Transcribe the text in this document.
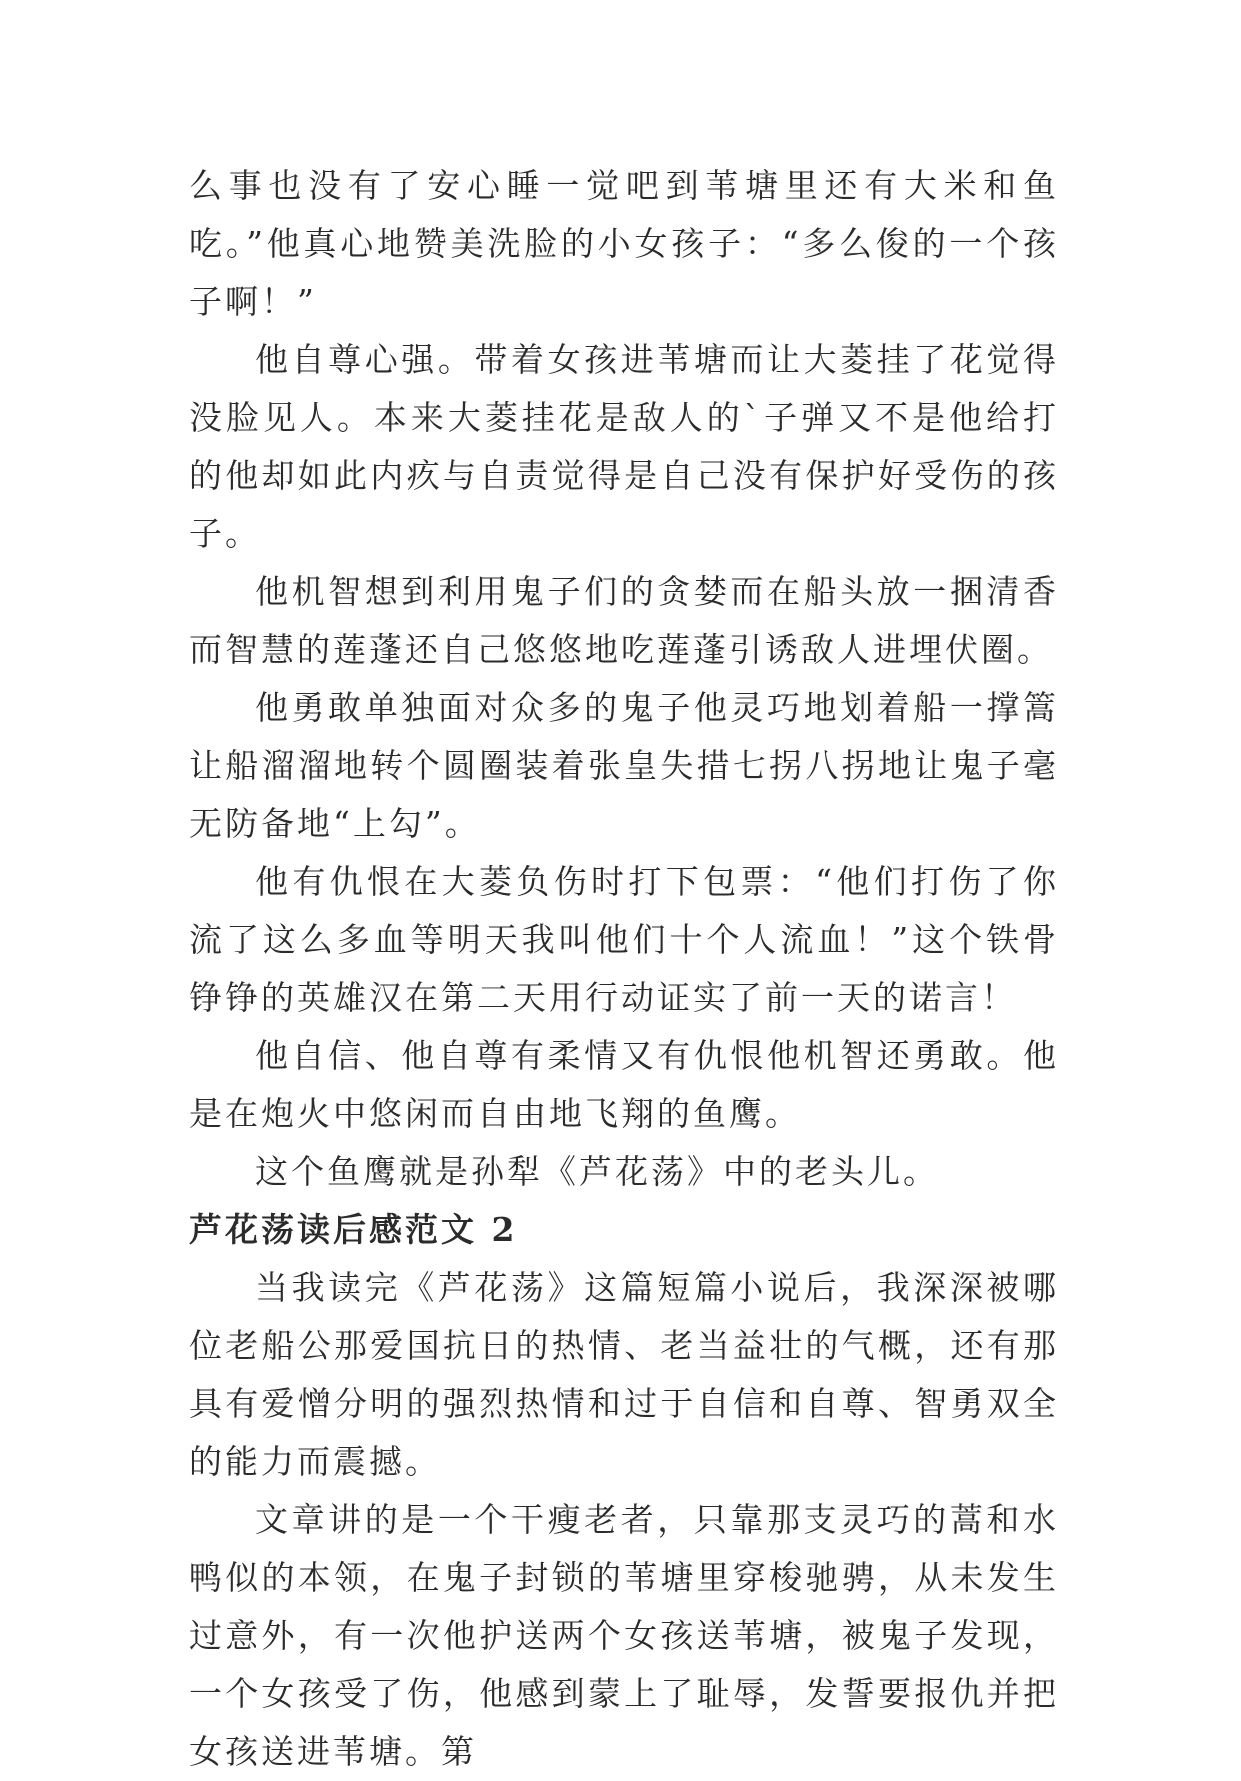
么事也没有了安心睡一觉吧到苇塘里还有大米和鱼吃。”他真心地赞美洗脸的小女孩子：“多么俊的一个孩子啊！”

他自尊心强。带着女孩进苇塘而让大菱挂了花觉得没脸见人。本来大菱挂花是敌人的`子弹又不是他给打的他却如此内疚与自责觉得是自己没有保护好受伤的孩子。

他机智想到利用鬼子们的贪婪而在船头放一捆清香而智慧的莲蓬还自己悠悠地吃莲蓬引诱敌人进埋伏圈。

他勇敢单独面对众多的鬼子他灵巧地划着船一撑篙让船溜溜地转个圆圈装着张皇失措七拐八拐地让鬼子毫无防备地“上勾”。

他有仇恨在大菱负伤时打下包票：“他们打伤了你流了这么多血等明天我叫他们十个人流血！”这个铁骨铮铮的英雄汉在第二天用行动证实了前一天的诺言！

他自信、他自尊有柔情又有仇恨他机智还勇敢。他是在炮火中悠闲而自由地飞翔的鱼鹰。

这个鱼鹰就是孙犁《芦花荡》中的老头儿。

芦花荡读后感范文 2

当我读完《芦花荡》这篇短篇小说后，我深深被哪位老船公那爱国抗日的热情、老当益壮的气概，还有那具有爱憎分明的强烈热情和过于自信和自尊、智勇双全的能力而震撼。

文章讲的是一个干瘦老者，只靠那支灵巧的蒿和水鸭似的本领，在鬼子封锁的苇塘里穿梭驰骋，从未发生过意外，有一次他护送两个女孩送苇塘，被鬼子发现，一个女孩受了伤，他感到蒙上了耻辱，发誓要报仇并把女孩送进苇塘。第
